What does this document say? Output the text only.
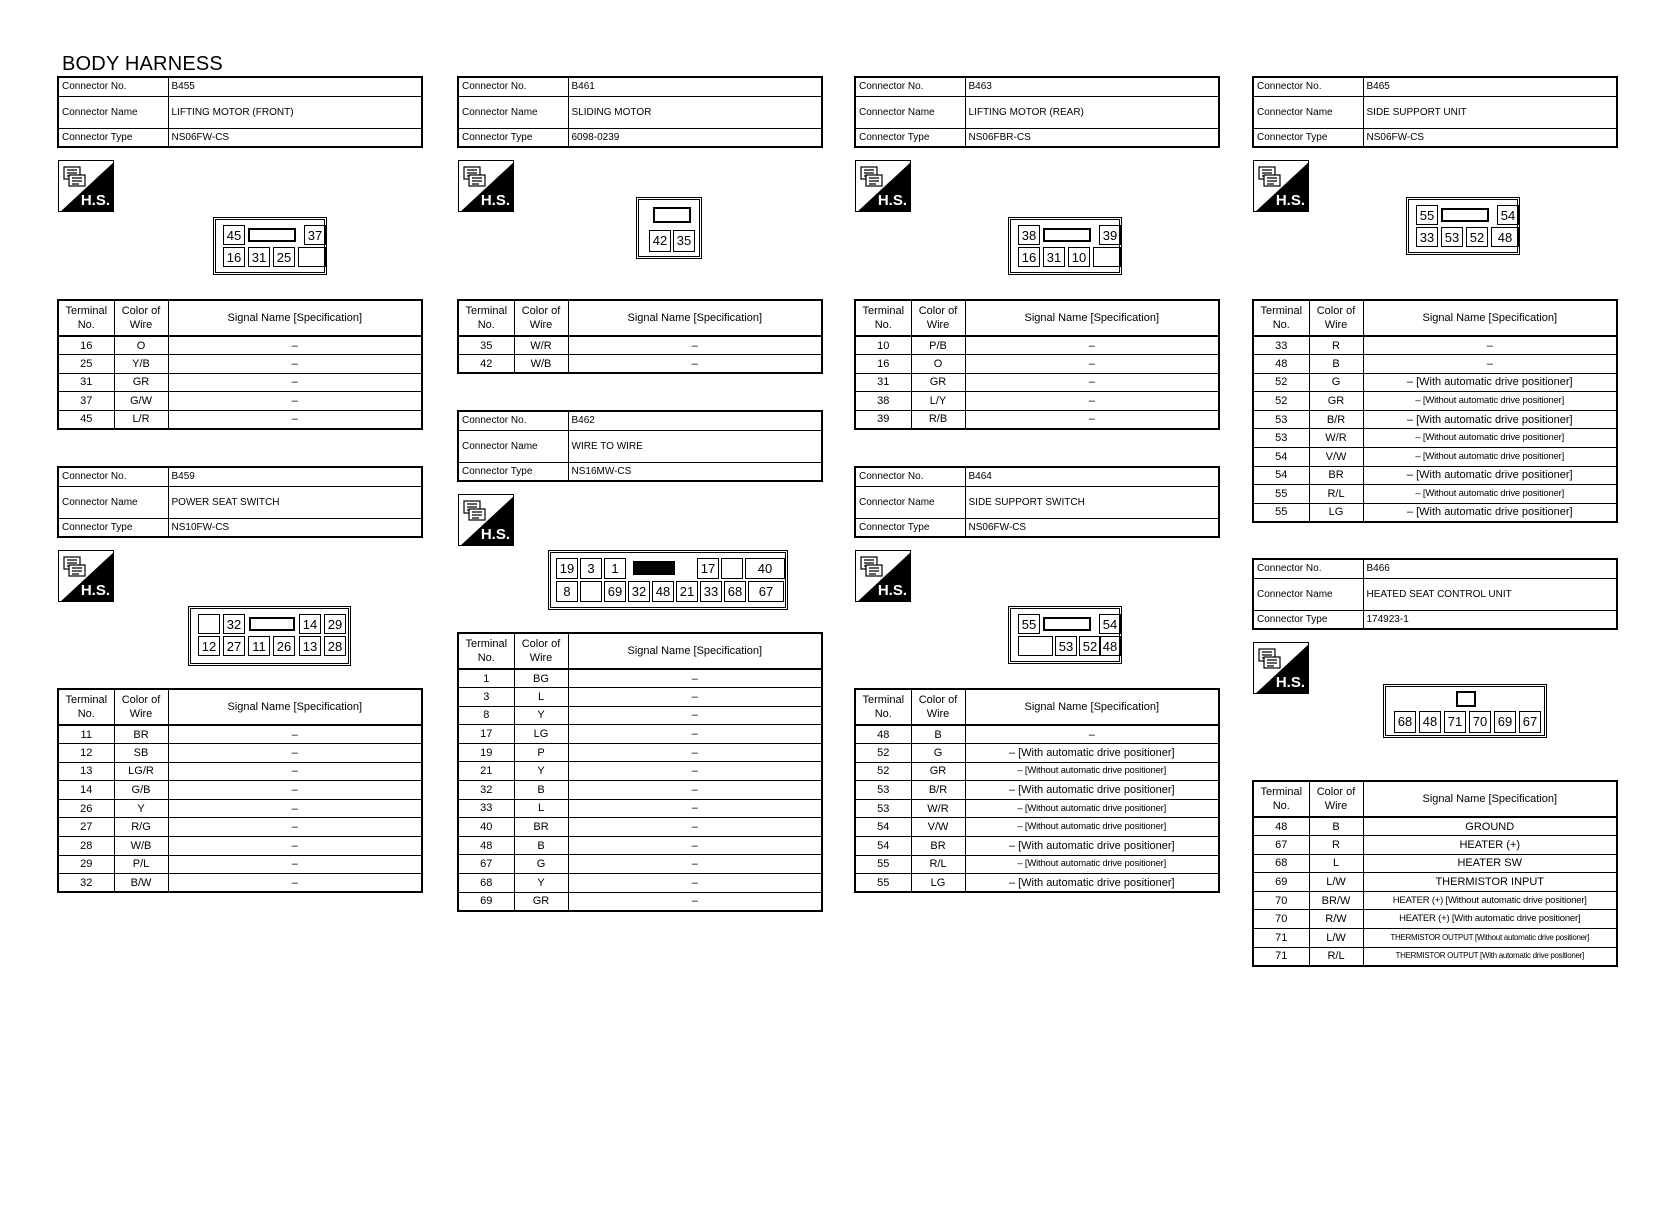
BODY HARNESS
Connector No.	B455
Connector Name	LIFTING MOTOR (FRONT)
Connector Type	NS06FW-CS
H.S.
45	37
16 31 25
Terminal No.	Color of Wire	Signal Name [Specification]
16	O	–
25	Y/B	–
31	GR	–
37	G/W	–
45	L/R	–
Connector No.	B459
Connector Name	POWER SEAT SWITCH
Connector Type	NS10FW-CS
H.S.
32	14 29
12 27 11 26 13 28
Terminal No.	Color of Wire	Signal Name [Specification]
11	BR	–
12	SB	–
13	LG/R	–
14	G/B	–
26	Y	–
27	R/G	–
28	W/B	–
29	P/L	–
32	B/W	–
Connector No.	B461
Connector Name	SLIDING MOTOR
Connector Type	6098-0239
H.S.
42 35
Terminal No.	Color of Wire	Signal Name [Specification]
35	W/R	–
42	W/B	–
Connector No.	B462
Connector Name	WIRE TO WIRE
Connector Type	NS16MW-CS
H.S.
19	3	1	17	40
8	69 32 48 21 33 68	67
Terminal No.	Color of Wire	Signal Name [Specification]
1	BG	–
3	L	–
8	Y	–
17	LG	–
19	P	–
21	Y	–
32	B	–
33	L	–
40	BR	–
48	B	–
67	G	–
68	Y	–
69	GR	–
Connector No.	B463
Connector Name	LIFTING MOTOR (REAR)
Connector Type	NS06FBR-CS
H.S.
38	39
16 31 10
Terminal No.	Color of Wire	Signal Name [Specification]
10	P/B	–
16	O	–
31	GR	–
38	L/Y	–
39	R/B	–
Connector No.	B464
Connector Name	SIDE SUPPORT SWITCH
Connector Type	NS06FW-CS
H.S.
55	54
53 52 48
Terminal No.	Color of Wire	Signal Name [Specification]
48	B	–
52	G	– [With automatic drive positioner]
52	GR	– [Without automatic drive positioner]
53	B/R	– [With automatic drive positioner]
53	W/R	– [Without automatic drive positioner]
54	V/W	– [Without automatic drive positioner]
54	BR	– [With automatic drive positioner]
55	R/L	– [Without automatic drive positioner]
55	LG	– [With automatic drive positioner]
Connector No.	B465
Connector Name	SIDE SUPPORT UNIT
Connector Type	NS06FW-CS
H.S.
55	54
33 53 52	48
Terminal No.	Color of Wire	Signal Name [Specification]
33	R	–
48	B	–
52	G	– [With automatic drive positioner]
52	GR	– [Without automatic drive positioner]
53	B/R	– [With automatic drive positioner]
53	W/R	– [Without automatic drive positioner]
54	V/W	– [Without automatic drive positioner]
54	BR	– [With automatic drive positioner]
55	R/L	– [Without automatic drive positioner]
55	LG	– [With automatic drive positioner]
Connector No.	B466
Connector Name	HEATED SEAT CONTROL UNIT
Connector Type	174923-1
H.S.
68 48 71 70 69 67
Terminal No.	Color of Wire	Signal Name [Specification]
48	B	GROUND
67	R	HEATER (+)
68	L	HEATER SW
69	L/W	THERMISTOR INPUT
70	BR/W	HEATER (+) [Without automatic drive positioner]
70	R/W	HEATER (+) [With automatic drive positioner]
71	L/W	THERMISTOR OUTPUT [Without automatic drive positioner]
71	R/L	THERMISTOR OUTPUT [With automatic drive positioner]
